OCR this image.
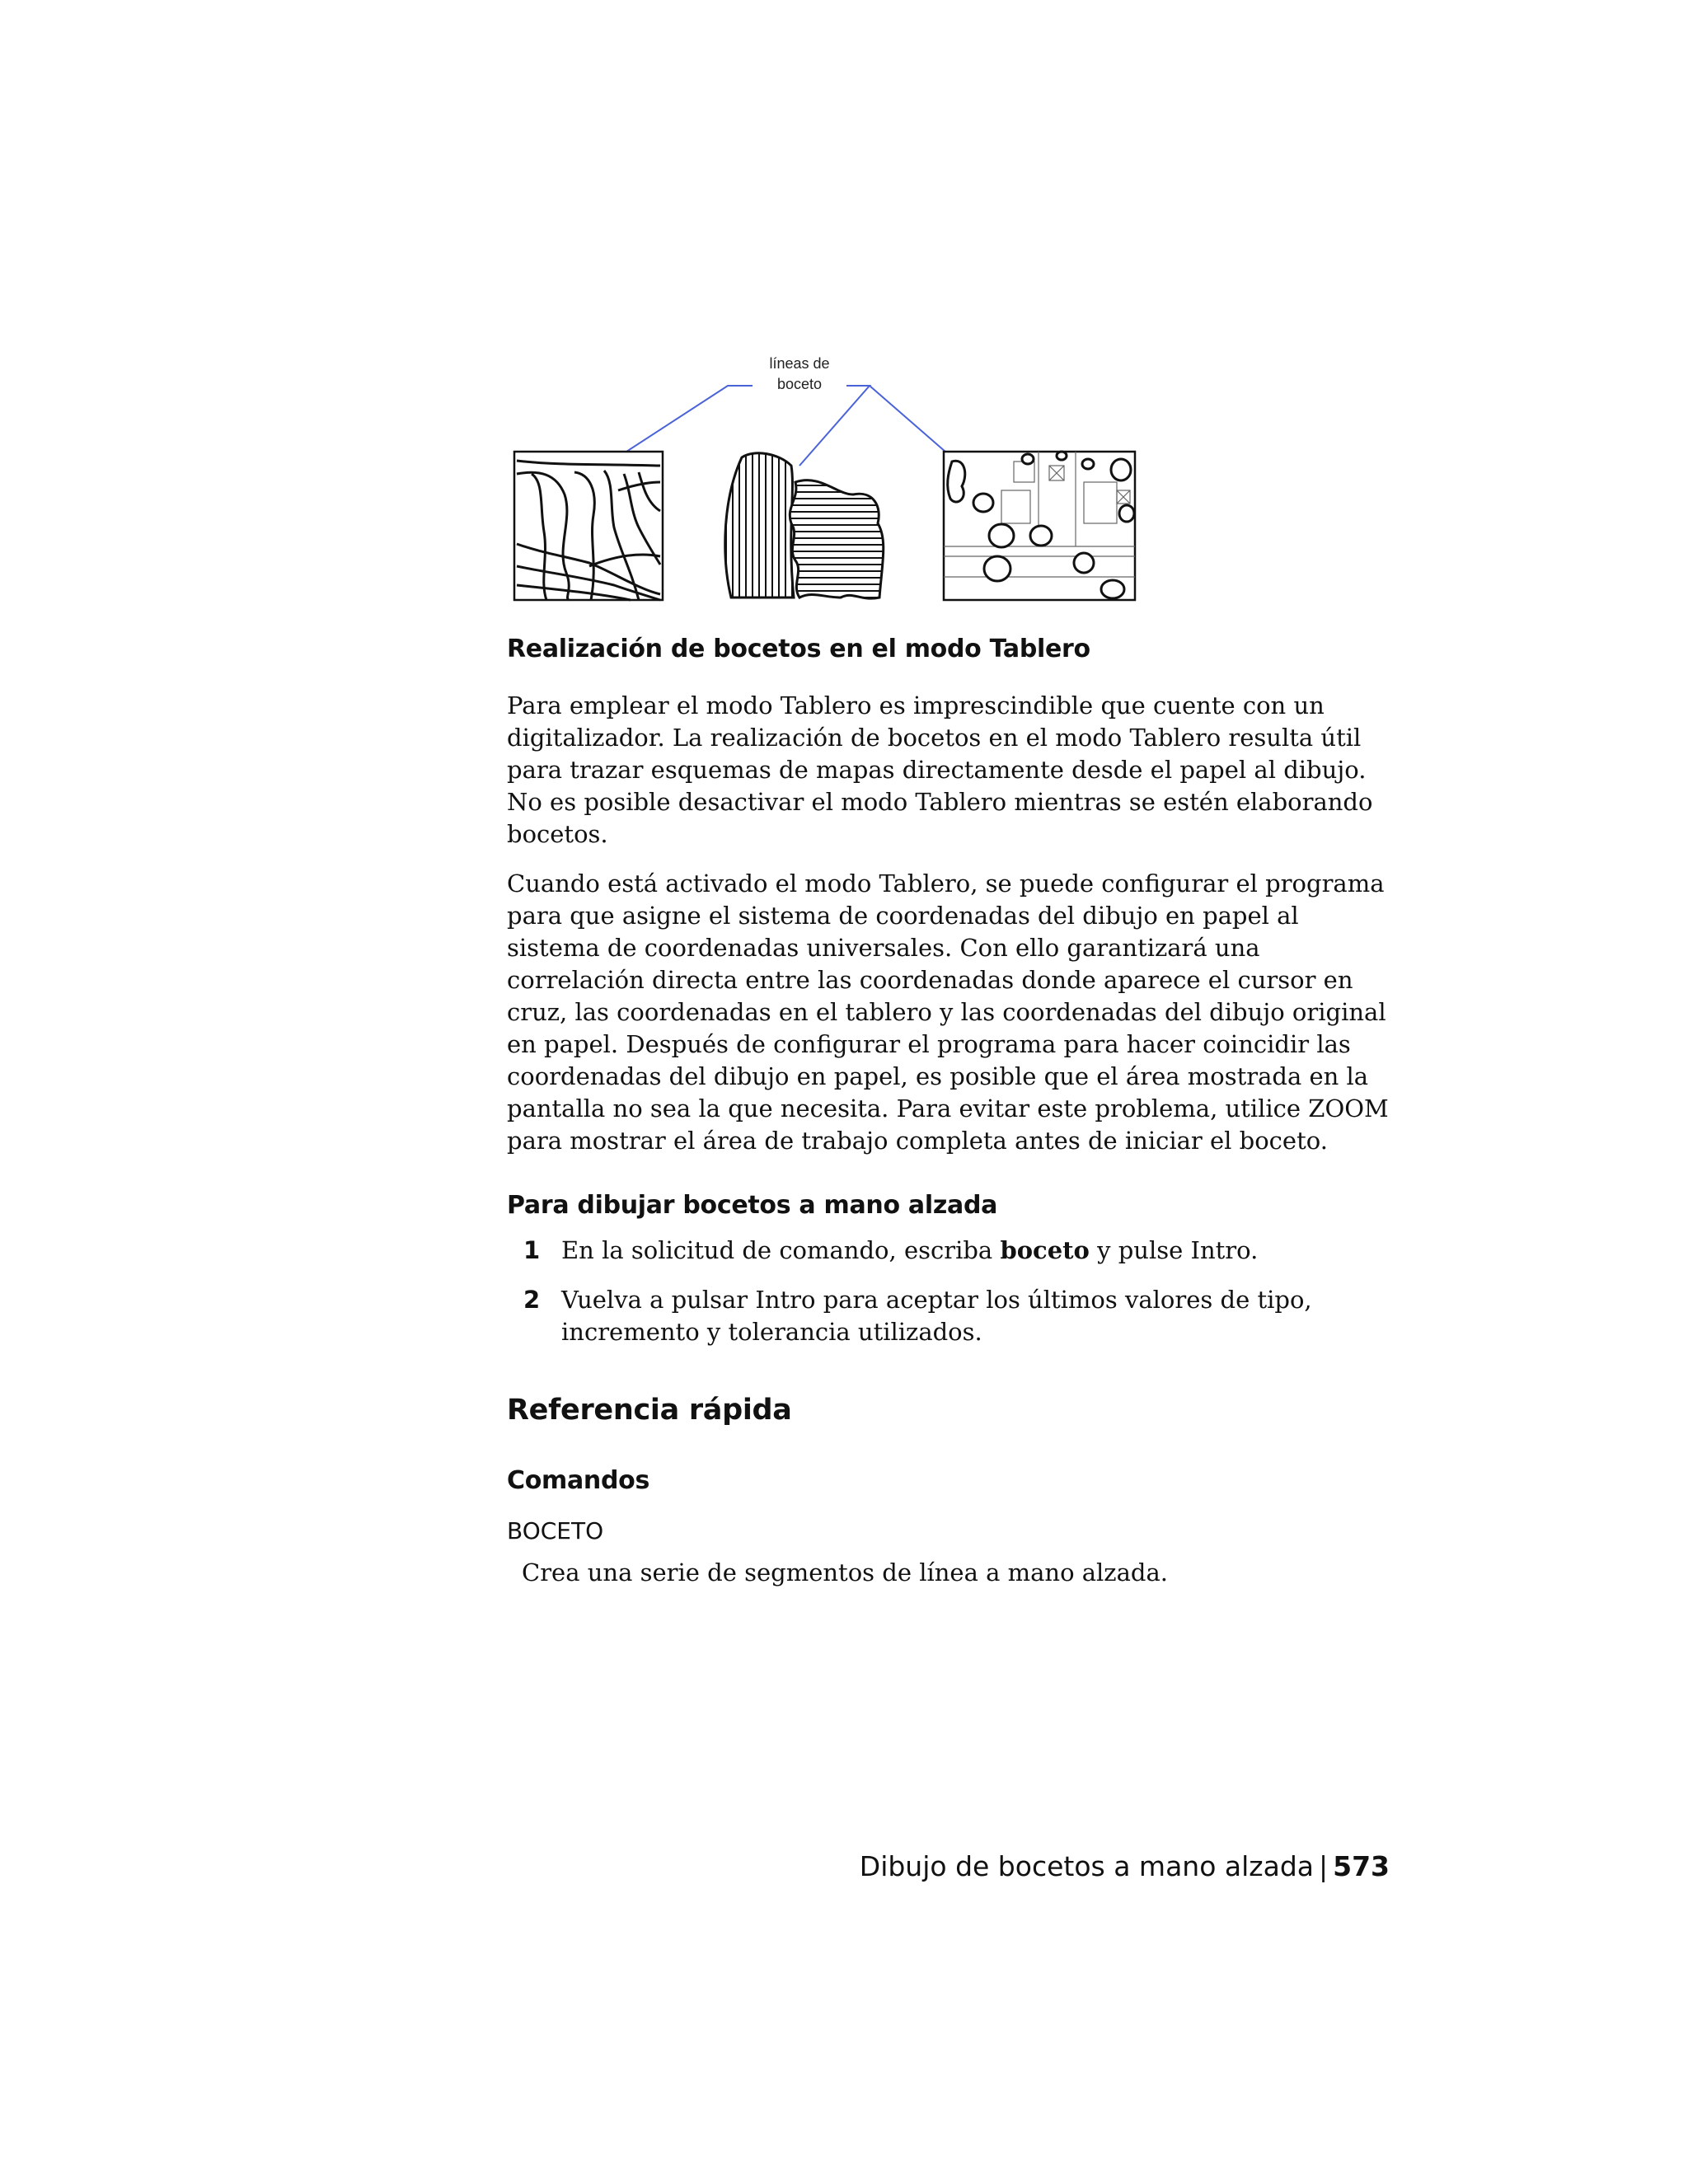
líneas de
boceto
Realización de bocetos en el modo Tablero

Para emplear el modo Tablero es imprescindible que cuente con un digitalizador. La realización de bocetos en el modo Tablero resulta útil para trazar esquemas de mapas directamente desde el papel al dibujo. No es posible desactivar el modo Tablero mientras se estén elaborando bocetos.

Cuando está activado el modo Tablero, se puede configurar el programa para que asigne el sistema de coordenadas del dibujo en papel al sistema de coordenadas universales. Con ello garantizará una correlación directa entre las coordenadas donde aparece el cursor en cruz, las coordenadas en el tablero y las coordenadas del dibujo original en papel. Después de configurar el programa para hacer coincidir las coordenadas del dibujo en papel, es posible que el área mostrada en la pantalla no sea la que necesita. Para evitar este problema, utilice ZOOM para mostrar el área de trabajo completa antes de iniciar el boceto.

Para dibujar bocetos a mano alzada
1 En la solicitud de comando, escriba boceto y pulse Intro.
2 Vuelva a pulsar Intro para aceptar los últimos valores de tipo, incremento y tolerancia utilizados.
Referencia rápida
Comandos
BOCETO
Crea una serie de segmentos de línea a mano alzada.
Dibujo de bocetos a mano alzada | 573
